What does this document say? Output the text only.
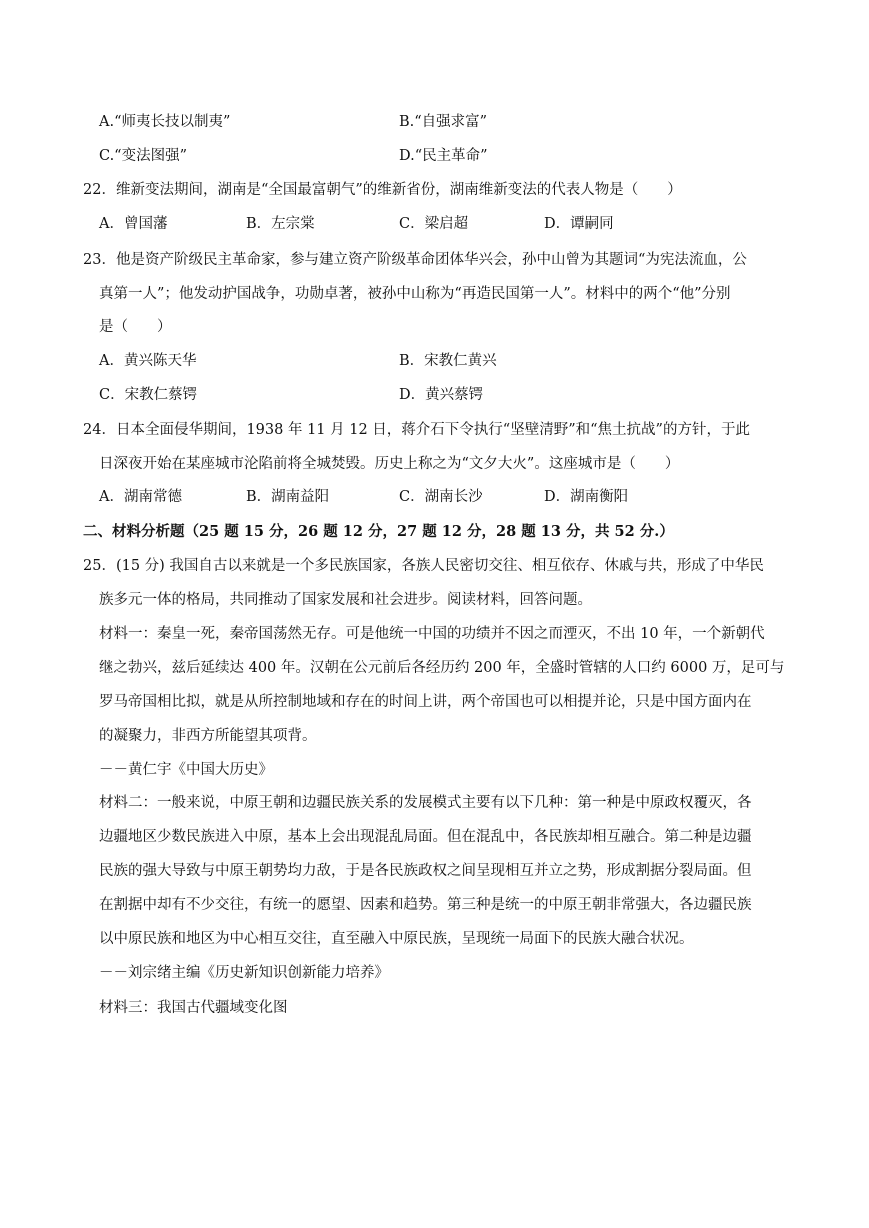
A.“师夷长技以制夷”	B.“自强求富”
C.“变法图强”	D.“民主革命”
22．维新变法期间，湖南是“全国最富朝气”的维新省份，湖南维新变法的代表人物是（　　）
A．曾国藩	B．左宗棠	C．梁启超	D．谭嗣同
23．他是资产阶级民主革命家，参与建立资产阶级革命团体华兴会，孙中山曾为其题词“为宪法流血，公
真第一人”；他发动护国战争，功勋卓著，被孙中山称为“再造民国第一人”。材料中的两个“他”分别
是（　　）
A．黄兴陈天华	B．宋教仁黄兴
C．宋教仁蔡锷	D．黄兴蔡锷
24．日本全面侵华期间，1938 年 11 月 12 日，蒋介石下令执行“坚壁清野”和“焦土抗战”的方针，于此
日深夜开始在某座城市沦陷前将全城焚毁。历史上称之为“文夕大火”。这座城市是（　　）
A．湖南常德	B．湖南益阳	C．湖南长沙	D．湖南衡阳
二、材料分析题（25 题 15 分，26 题 12 分，27 题 12 分，28 题 13 分，共 52 分.）
25．(15 分) 我国自古以来就是一个多民族国家，各族人民密切交往、相互依存、休戚与共，形成了中华民
族多元一体的格局，共同推动了国家发展和社会进步。阅读材料，回答问题。
材料一：秦皇一死，秦帝国荡然无存。可是他统一中国的功绩并不因之而湮灭，不出 10 年，一个新朝代
继之勃兴，兹后延续达 400 年。汉朝在公元前后各经历约 200 年，全盛时管辖的人口约 6000 万，足可与
罗马帝国相比拟，就是从所控制地域和存在的时间上讲，两个帝国也可以相提并论，只是中国方面内在
的凝聚力，非西方所能望其项背。
－－黄仁宇《中国大历史》
材料二：一般来说，中原王朝和边疆民族关系的发展模式主要有以下几种：第一种是中原政权覆灭，各
边疆地区少数民族进入中原，基本上会出现混乱局面。但在混乱中，各民族却相互融合。第二种是边疆
民族的强大导致与中原王朝势均力敌，于是各民族政权之间呈现相互并立之势，形成割据分裂局面。但
在割据中却有不少交往，有统一的愿望、因素和趋势。第三种是统一的中原王朝非常强大，各边疆民族
以中原民族和地区为中心相互交往，直至融入中原民族，呈现统一局面下的民族大融合状况。
－－刘宗绪主编《历史新知识创新能力培养》
材料三：我国古代疆域变化图
